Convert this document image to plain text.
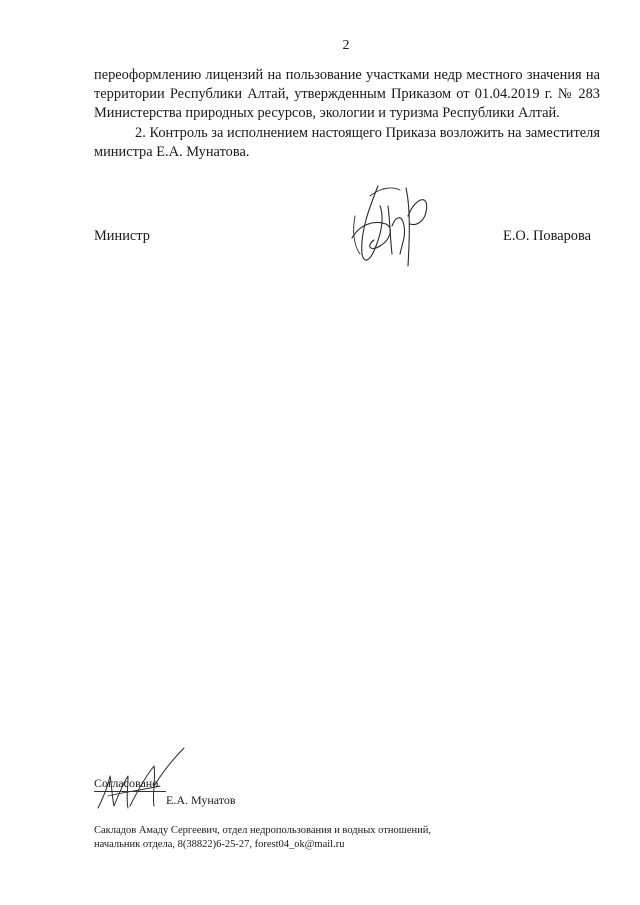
2

переоформлению лицензий на пользование участками недр местного значения на территории Республики Алтай, утвержденным Приказом от 01.04.2019 г. № 283 Министерства природных ресурсов, экологии и туризма Республики Алтай.

2. Контроль за исполнением настоящего Приказа возложить на заместителя министра Е.А. Мунатова.

Министр	Е.О. Поварова
Согласовано
Е.А. Мунатов
Сакладов Амаду Сергеевич, отдел недропользования и водных отношений,
начальник отдела, 8(38822)6-25-27, forest04_ok@mail.ru
